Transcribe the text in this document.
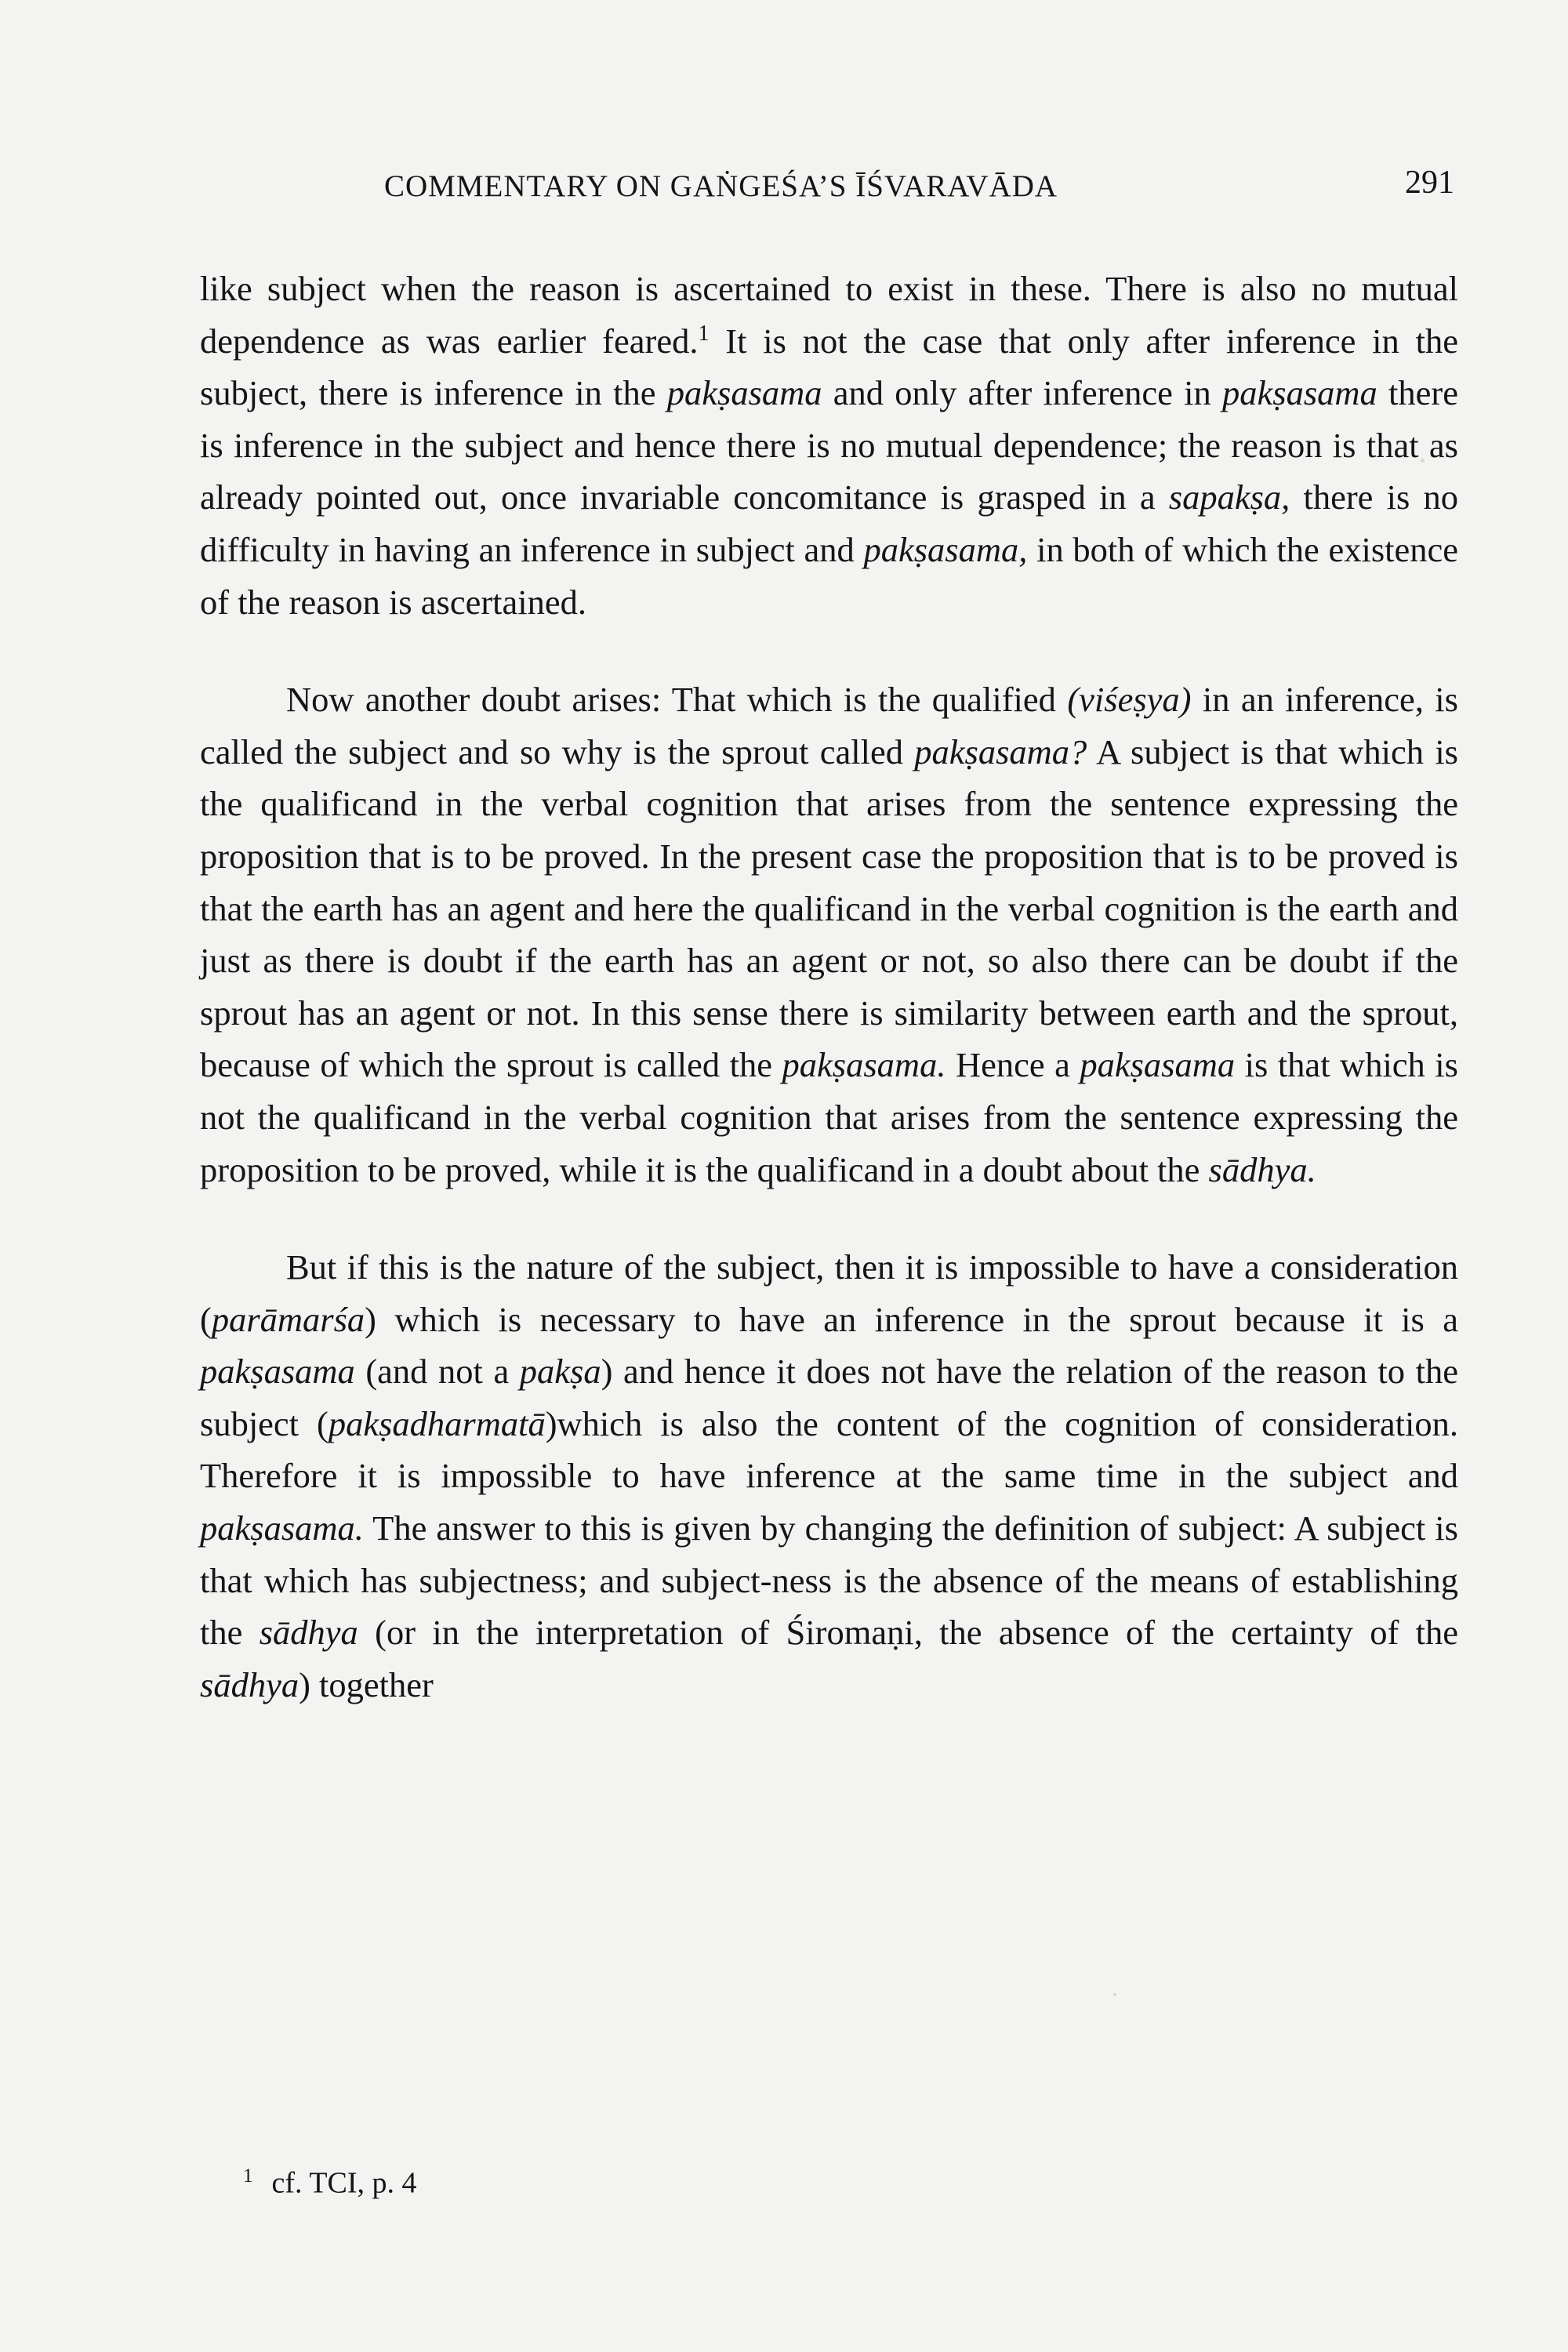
COMMENTARY ON GAṄGEŚA’S ĪŚVARAVĀDA	291

like subject when the reason is ascertained to exist in these. There is also no mutual dependence as was earlier feared.$^1$ It is not the case that only after inference in the subject, there is inference in the pakṣasama and only after inference in pakṣasama there is inference in the subject and hence there is no mutual dependence; the reason is that as already pointed out, once invariable concomitance is grasped in a sapakṣa, there is no difficulty in having an inference in subject and pakṣasama, in both of which the existence of the reason is ascertained.

Now another doubt arises: That which is the qualified (viśeṣya) in an inference, is called the subject and so why is the sprout called pakṣasama? A subject is that which is the qualificand in the verbal cognition that arises from the sentence expressing the proposition that is to be proved. In the present case the proposition that is to be proved is that the earth has an agent and here the qualificand in the verbal cognition is the earth and just as there is doubt if the earth has an agent or not, so also there can be doubt if the sprout has an agent or not. In this sense there is similarity between earth and the sprout, because of which the sprout is called the pakṣasama. Hence a pakṣasama is that which is not the qualificand in the verbal cognition that arises from the sentence expressing the proposition to be proved, while it is the qualificand in a doubt about the sādhya.

But if this is the nature of the subject, then it is impossible to have a consideration (parāmarśa) which is necessary to have an inference in the sprout because it is a pakṣasama (and not a pakṣa) and hence it does not have the relation of the reason to the subject (pakṣadharmatā)which is also the content of the cognition of consideration. Therefore it is impossible to have inference at the same time in the subject and pakṣasama. The answer to this is given by changing the definition of subject: A subject is that which has subjectness; and subject-ness is the absence of the means of establishing the sādhya (or in the interpretation of Śiromaṇi, the absence of the certainty of the sādhya) together

$^1$ cf. TCI, p. 4
